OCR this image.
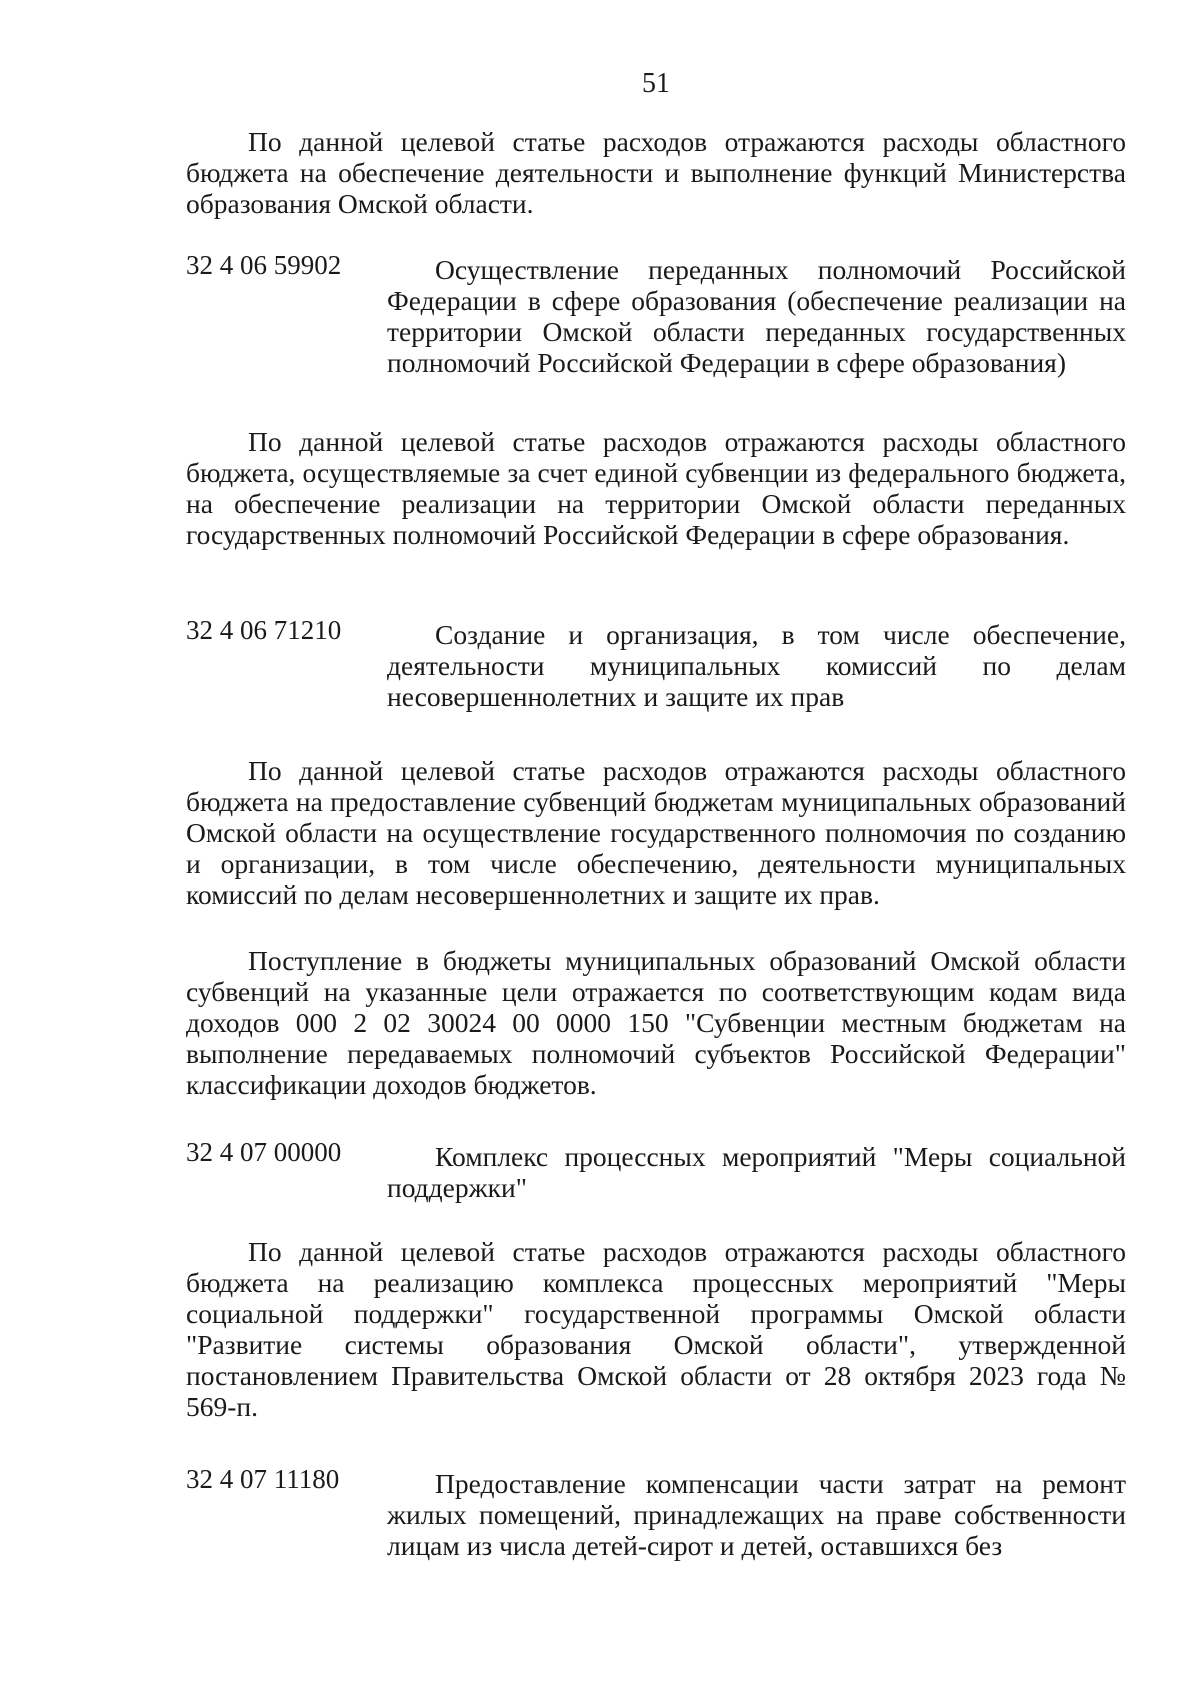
51

По данной целевой статье расходов отражаются расходы областного бюджета на обеспечение деятельности и выполнение функций Министерства образования Омской области.

32 4 06 59902	Осуществление переданных полномочий Российской Федерации в сфере образования (обеспечение реализации на территории Омской области переданных государственных полномочий Российской Федерации в сфере образования)

По данной целевой статье расходов отражаются расходы областного бюджета, осуществляемые за счет единой субвенции из федерального бюджета, на обеспечение реализации на территории Омской области переданных государственных полномочий Российской Федерации в сфере образования.

32 4 06 71210	Создание и организация, в том числе обеспечение, деятельности муниципальных комиссий по делам несовершеннолетних и защите их прав

По данной целевой статье расходов отражаются расходы областного бюджета на предоставление субвенций бюджетам муниципальных образований Омской области на осуществление государственного полномочия по созданию и организации, в том числе обеспечению, деятельности муниципальных комиссий по делам несовершеннолетних и защите их прав.

Поступление в бюджеты муниципальных образований Омской области субвенций на указанные цели отражается по соответствующим кодам вида доходов 000 2 02 30024 00 0000 150 "Субвенции местным бюджетам на выполнение передаваемых полномочий субъектов Российской Федерации" классификации доходов бюджетов.

32 4 07 00000	Комплекс процессных мероприятий "Меры социальной поддержки"

По данной целевой статье расходов отражаются расходы областного бюджета на реализацию комплекса процессных мероприятий "Меры социальной поддержки" государственной программы Омской области "Развитие системы образования Омской области", утвержденной постановлением Правительства Омской области от 28 октября 2023 года № 569-п.

32 4 07 11180	Предоставление компенсации части затрат на ремонт жилых помещений, принадлежащих на праве собственности лицам из числа детей-сирот и детей, оставшихся без
